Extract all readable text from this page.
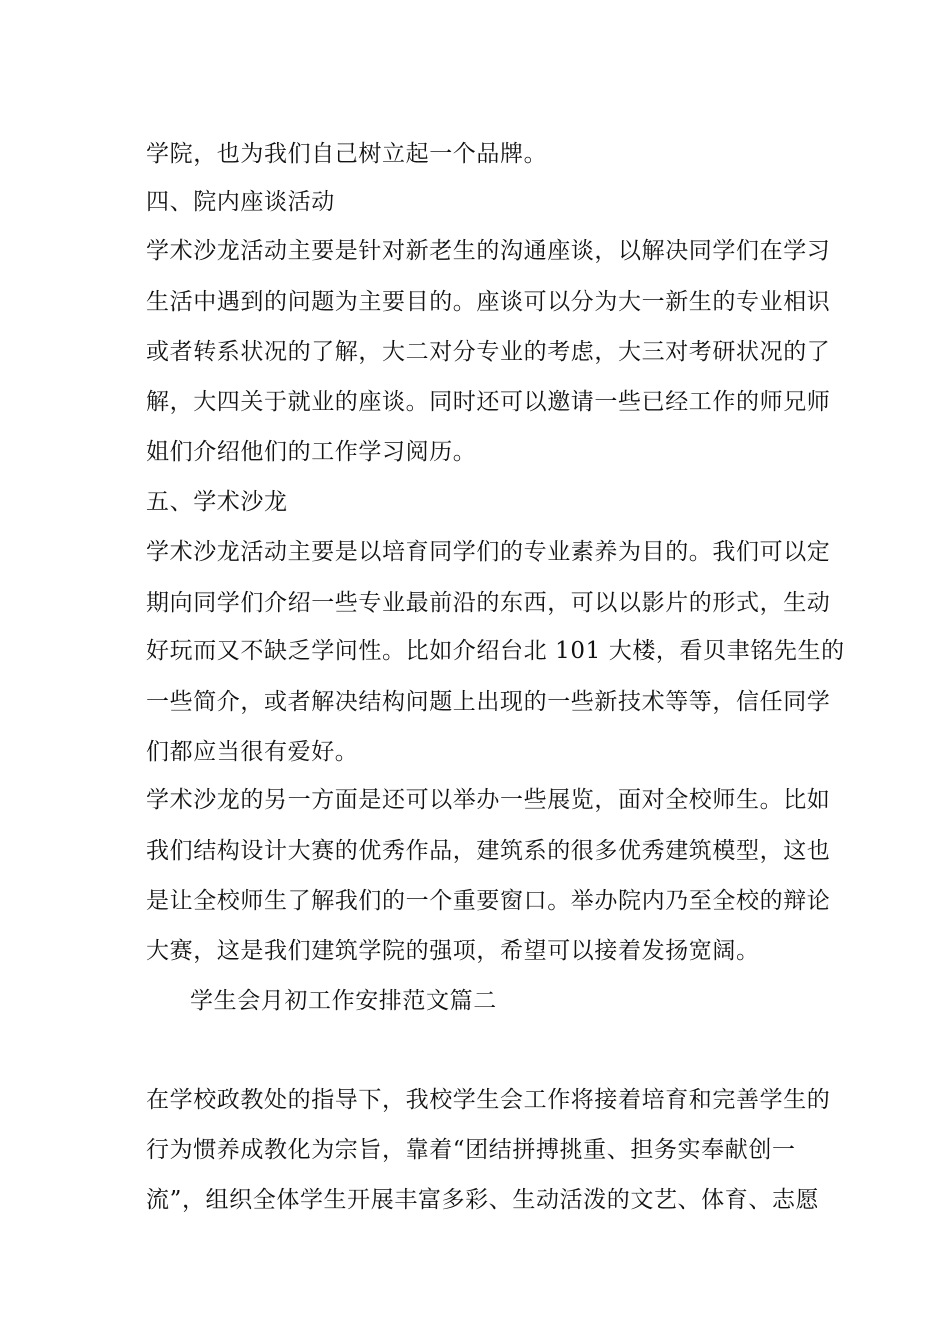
学院，也为我们自己树立起一个品牌。
四、院内座谈活动
学术沙龙活动主要是针对新老生的沟通座谈，以解决同学们在学习
生活中遇到的问题为主要目的。座谈可以分为大一新生的专业相识
或者转系状况的了解，大二对分专业的考虑，大三对考研状况的了
解，大四关于就业的座谈。同时还可以邀请一些已经工作的师兄师
姐们介绍他们的工作学习阅历。
五、学术沙龙
学术沙龙活动主要是以培育同学们的专业素养为目的。我们可以定
期向同学们介绍一些专业最前沿的东西，可以以影片的形式，生动
好玩而又不缺乏学问性。比如介绍台北 101 大楼，看贝聿铭先生的
一些简介，或者解决结构问题上出现的一些新技术等等，信任同学
们都应当很有爱好。
学术沙龙的另一方面是还可以举办一些展览，面对全校师生。比如
我们结构设计大赛的优秀作品，建筑系的很多优秀建筑模型，这也
是让全校师生了解我们的一个重要窗口。举办院内乃至全校的辩论
大赛，这是我们建筑学院的强项，希望可以接着发扬宽阔。
学生会月初工作安排范文篇二
在学校政教处的指导下，我校学生会工作将接着培育和完善学生的
行为惯养成教化为宗旨，靠着“团结拼搏挑重、担务实奉献创一
流”，组织全体学生开展丰富多彩、生动活泼的文艺、体育、志愿
